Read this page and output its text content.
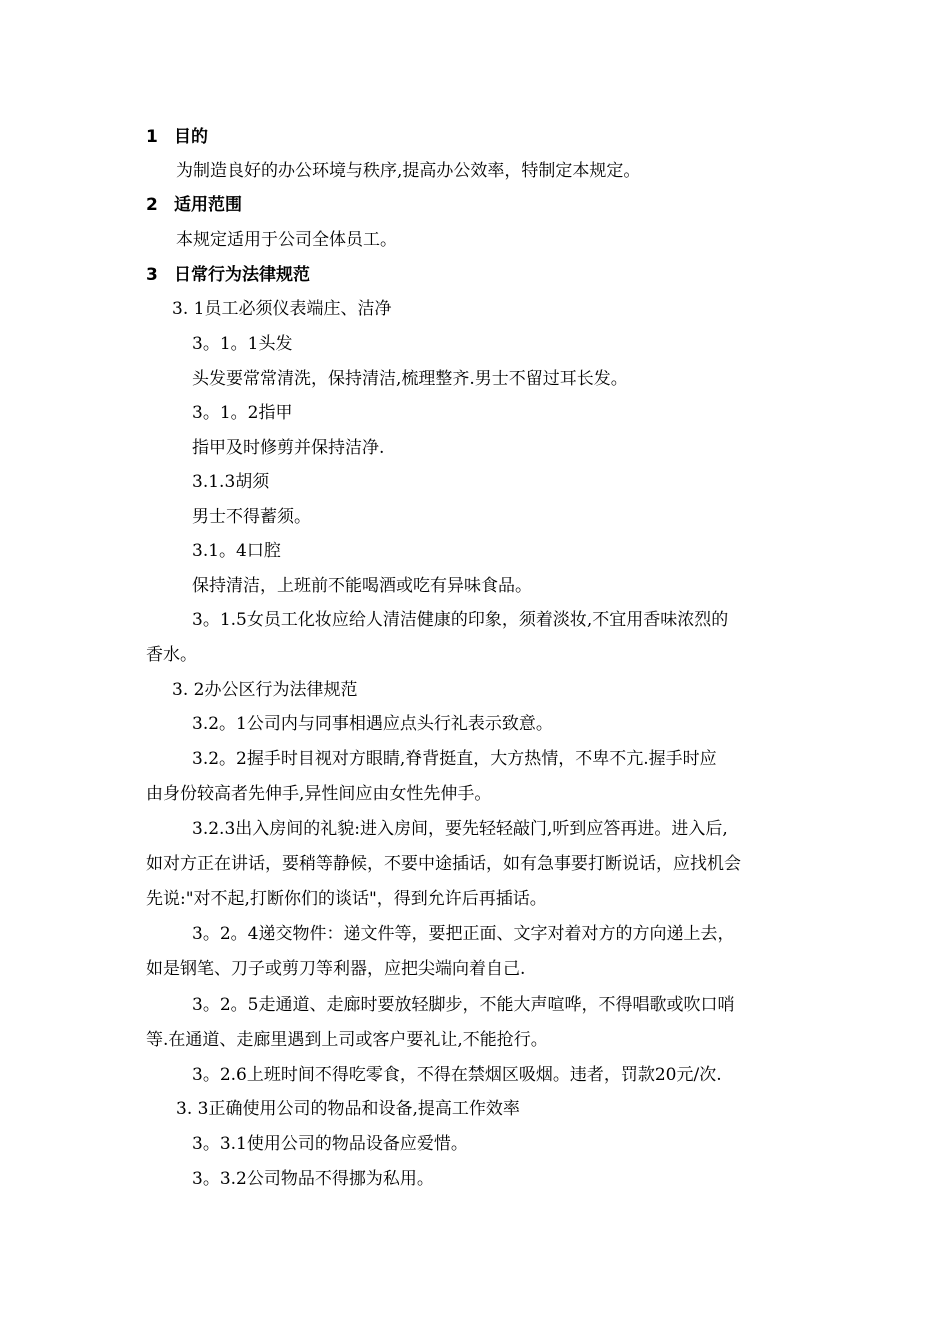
1 目的
为制造良好的办公环境与秩序,提高办公效率，特制定本规定。
2 适用范围
本规定适用于公司全体员工。
3 日常行为法律规范
3. 1员工必须仪表端庄、洁净
3。1。1头发
头发要常常清洗，保持清洁,梳理整齐.男士不留过耳长发。
3。1。2指甲
指甲及时修剪并保持洁净.
3.1.3胡须
男士不得蓄须。
3.1。4口腔
保持清洁，上班前不能喝酒或吃有异味食品。
3。1.5女员工化妆应给人清洁健康的印象，须着淡妆,不宜用香味浓烈的
香水。
3. 2办公区行为法律规范
3.2。1公司内与同事相遇应点头行礼表示致意。
3.2。2握手时目视对方眼睛,脊背挺直，大方热情，不卑不亢.握手时应
由身份较高者先伸手,异性间应由女性先伸手。
3.2.3出入房间的礼貌:进入房间，要先轻轻敲门,听到应答再进。进入后,
如对方正在讲话，要稍等静候，不要中途插话，如有急事要打断说话，应找机会
先说:"对不起,打断你们的谈话"，得到允许后再插话。
3。2。4递交物件：递文件等，要把正面、文字对着对方的方向递上去，
如是钢笔、刀子或剪刀等利器，应把尖端向着自己.
3。2。5走通道、走廊时要放轻脚步，不能大声喧哗，不得唱歌或吹口哨
等.在通道、走廊里遇到上司或客户要礼让,不能抢行。
3。2.6上班时间不得吃零食，不得在禁烟区吸烟。违者，罚款20元/次.
3. 3正确使用公司的物品和设备,提高工作效率
3。3.1使用公司的物品设备应爱惜。
3。3.2公司物品不得挪为私用。
